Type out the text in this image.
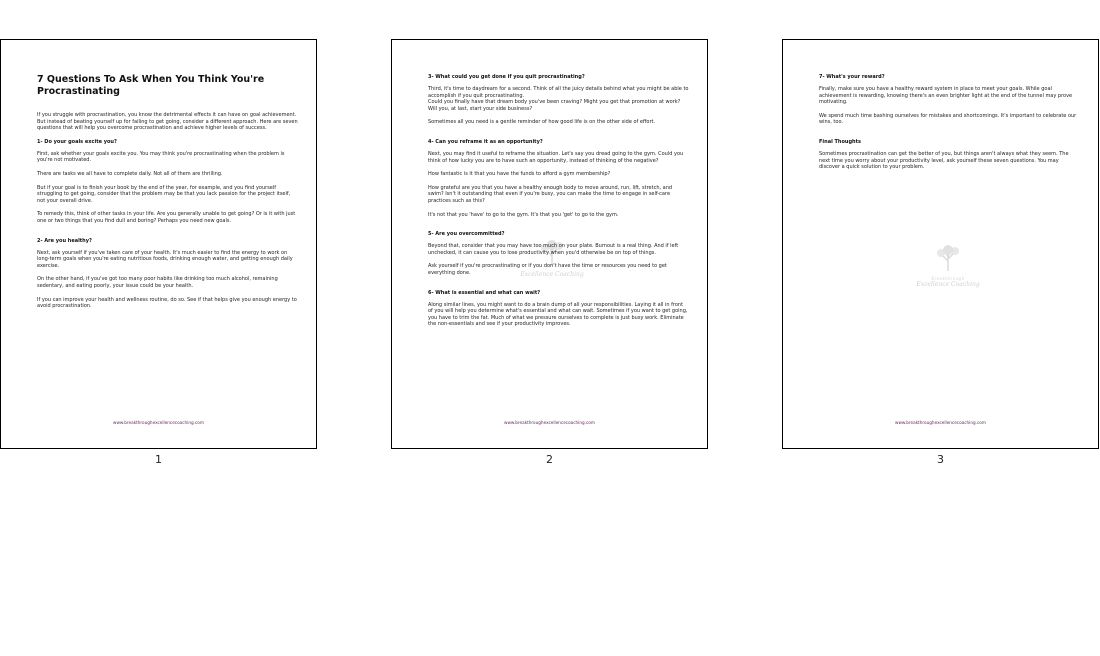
7 Questions To Ask When You Think You're Procrastinating
If you struggle with procrastination, you know the detrimental effects it can have on goal achievement. But instead of beating yourself up for failing to get going, consider a different approach. Here are seven questions that will help you overcome procrastination and achieve higher levels of success.
1- Do your goals excite you?
First, ask whether your goals excite you. You may think you're procrastinating when the problem is you're not motivated.
There are tasks we all have to complete daily. Not all of them are thrilling.
But if your goal is to finish your book by the end of the year, for example, and you find yourself struggling to get going, consider that the problem may be that you lack passion for the project itself, not your overall drive.
To remedy this, think of other tasks in your life. Are you generally unable to get going? Or is it with just one or two things that you find dull and boring? Perhaps you need new goals.
2- Are you healthy?
Next, ask yourself if you've taken care of your health. It's much easier to find the energy to work on long-term goals when you're eating nutritious foods, drinking enough water, and getting enough daily exercise.
On the other hand, if you've got too many poor habits like drinking too much alcohol, remaining sedentary, and eating poorly, your issue could be your health.
If you can improve your health and wellness routine, do so. See if that helps give you enough energy to avoid procrastination.
www.breakthroughexcellencecoaching.com
1
Excellence Coaching
3- What could you get done if you quit procrastinating?
Third, it's time to daydream for a second. Think of all the juicy details behind what you might be able to accomplish if you quit procrastinating.
Could you finally have that dream body you've been craving? Might you get that promotion at work? Will you, at last, start your side business?
Sometimes all you need is a gentle reminder of how good life is on the other side of effort.
4- Can you reframe it as an opportunity?
Next, you may find it useful to reframe the situation. Let's say you dread going to the gym. Could you think of how lucky you are to have such an opportunity, instead of thinking of the negative?
How fantastic is it that you have the funds to afford a gym membership?
How grateful are you that you have a healthy enough body to move around, run, lift, stretch, and swim? Isn't it outstanding that even if you're busy, you can make the time to engage in self-care practices such as this?
It's not that you 'have' to go to the gym. It's that you 'get' to go to the gym.
5- Are you overcommitted?
Beyond that, consider that you may have too much on your plate. Burnout is a real thing. And if left unchecked, it can cause you to lose productivity when you'd otherwise be on top of things.
Ask yourself if you're procrastinating or if you don't have the time or resources you need to get everything done.
6- What is essential and what can wait?
Along similar lines, you might want to do a brain dump of all your responsibilities. Laying it all in front of you will help you determine what's essential and what can wait. Sometimes if you want to get going, you have to trim the fat. Much of what we pressure ourselves to complete is just busy work. Eliminate the non-essentials and see if your productivity improves.
www.breakthroughexcellencecoaching.com
2
Breakthrough
Excellence Coaching
7- What's your reward?
Finally, make sure you have a healthy reward system in place to meet your goals. While goal achievement is rewarding, knowing there's an even brighter light at the end of the tunnel may prove motivating.
We spend much time bashing ourselves for mistakes and shortcomings. It's important to celebrate our wins, too.
Final Thoughts
Sometimes procrastination can get the better of you, but things aren't always what they seem. The next time you worry about your productivity level, ask yourself these seven questions. You may discover a quick solution to your problem.
www.breakthroughexcellencecoaching.com
3
